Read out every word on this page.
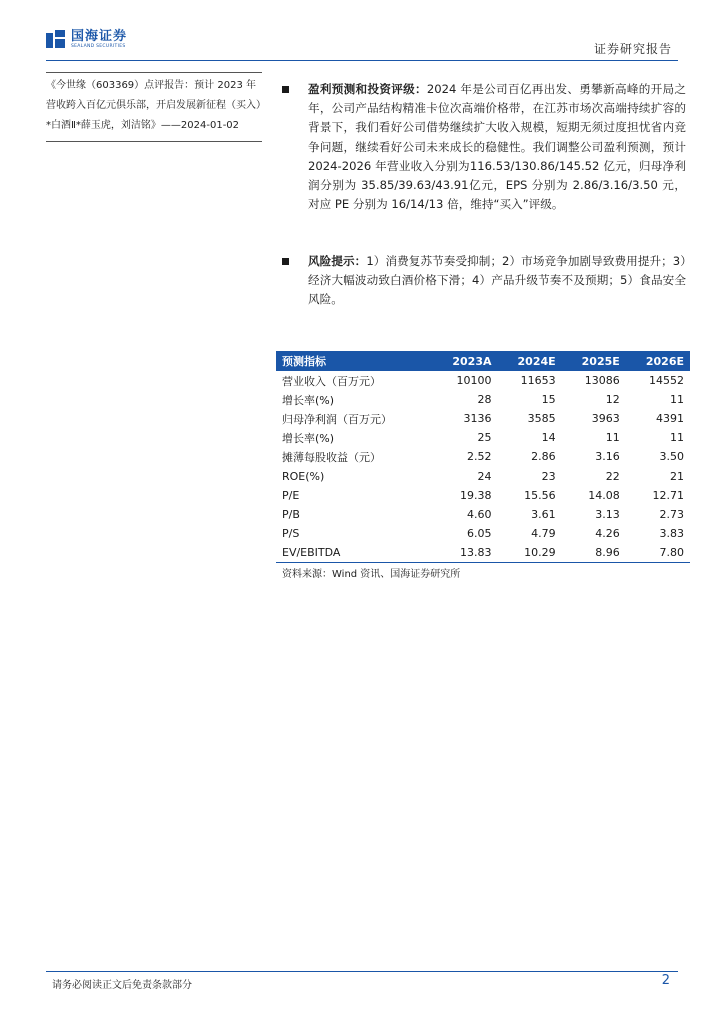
国海证券
SEALAND SECURITIES	证券研究报告
《今世缘（603369）点评报告：预计 2023 年营收跨入百亿元俱乐部，开启发展新征程（买入）*白酒Ⅱ*薛玉虎，刘洁铭》——2024-01-02
盈利预测和投资评级：2024 年是公司百亿再出发、勇攀新高峰的开局之年，公司产品结构精准卡位次高端价格带，在江苏市场次高端持续扩容的背景下，我们看好公司借势继续扩大收入规模，短期无须过度担忧省内竞争问题，继续看好公司未来成长的稳健性。我们调整公司盈利预测，预计 2024-2026 年营业收入分别为116.53/130.86/145.52 亿元，归母净利润分别为 35.85/39.63/43.91亿元，EPS 分别为 2.86/3.16/3.50 元，对应 PE 分别为 16/14/13 倍，维持“买入”评级。
风险提示：1）消费复苏节奏受抑制；2）市场竞争加剧导致费用提升；3）经济大幅波动致白酒价格下滑；4）产品升级节奏不及预期；5）食品安全风险。
预测指标	2023A	2024E	2025E	2026E
营业收入（百万元）	10100	11653	13086	14552
增长率(%)	28	15	12	11
归母净利润（百万元）	3136	3585	3963	4391
增长率(%)	25	14	11	11
摊薄每股收益（元）	2.52	2.86	3.16	3.50
ROE(%)	24	23	22	21
P/E	19.38	15.56	14.08	12.71
P/B	4.60	3.61	3.13	2.73
P/S	6.05	4.79	4.26	3.83
EV/EBITDA	13.83	10.29	8.96	7.80
资料来源：Wind 资讯、国海证券研究所
请务必阅读正文后免责条款部分	2
